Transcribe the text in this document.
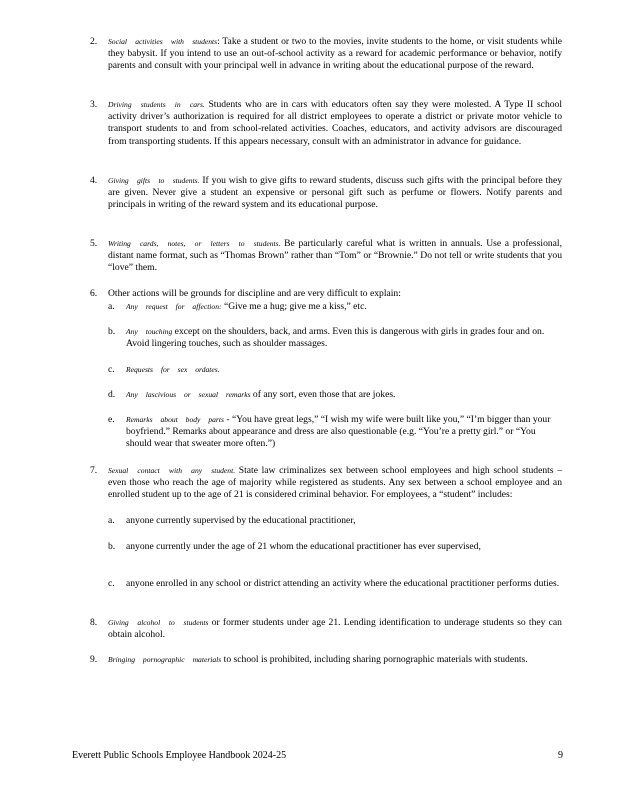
2. Social activities with students: Take a student or two to the movies, invite students to the home, or visit students while they babysit. If you intend to use an out-of-school activity as a reward for academic performance or behavior, notify parents and consult with your principal well in advance in writing about the educational purpose of the reward.
3. Driving students in cars. Students who are in cars with educators often say they were molested. A Type II school activity driver’s authorization is required for all district employees to operate a district or private motor vehicle to transport students to and from school-related activities. Coaches, educators, and activity advisors are discouraged from transporting students. If this appears necessary, consult with an administrator in advance for guidance.
4. Giving gifts to students. If you wish to give gifts to reward students, discuss such gifts with the principal before they are given. Never give a student an expensive or personal gift such as perfume or flowers. Notify parents and principals in writing of the reward system and its educational purpose.
5. Writing cards, notes, or letters to students. Be particularly careful what is written in annuals. Use a professional, distant name format, such as “Thomas Brown” rather than “Tom” or “Brownie.” Do not tell or write students that you “love” them.
6. Other actions will be grounds for discipline and are very difficult to explain:
a. Any request for affection: “Give me a hug; give me a kiss,” etc.
b. Any touching except on the shoulders, back, and arms. Even this is dangerous with girls in grades four and on. Avoid lingering touches, such as shoulder massages.
c. Requests for sex ordates.
d. Any lascivious or sexual remarks of any sort, even those that are jokes.
e. Remarks about body parts - “You have great legs,” “I wish my wife were built like you,” “I’m bigger than your boyfriend.” Remarks about appearance and dress are also questionable (e.g. “You’re a pretty girl.” or “You should wear that sweater more often.”)
7. Sexual contact with any student. State law criminalizes sex between school employees and high school students – even those who reach the age of majority while registered as students. Any sex between a school employee and an enrolled student up to the age of 21 is considered criminal behavior. For employees, a “student” includes:
a. anyone currently supervised by the educational practitioner,
b. anyone currently under the age of 21 whom the educational practitioner has ever supervised,
c. anyone enrolled in any school or district attending an activity where the educational practitioner performs duties.
8. Giving alcohol to students or former students under age 21. Lending identification to underage students so they can obtain alcohol.
9. Bringing pornographic materials to school is prohibited, including sharing pornographic materials with students.
Everett Public Schools Employee Handbook 2024-25	9
